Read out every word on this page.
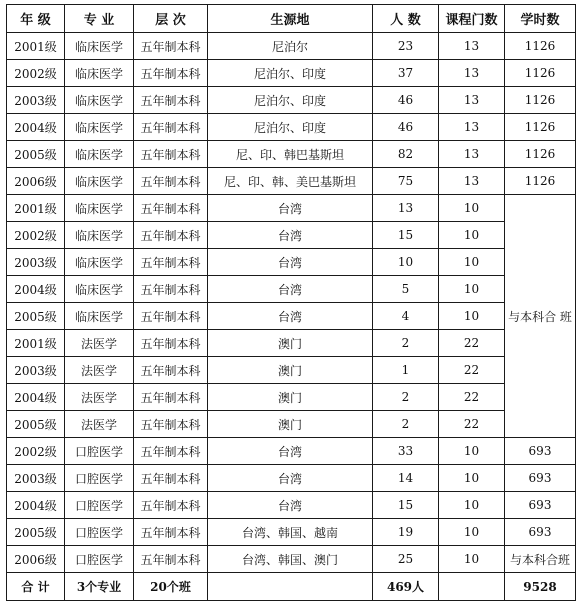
年 级	专 业	层 次	生源地	人 数	课程门数	学时数
2001级	临床医学	五年制本科	尼泊尔	23	13	1126
2002级	临床医学	五年制本科	尼泊尔、印度	37	13	1126
2003级	临床医学	五年制本科	尼泊尔、印度	46	13	1126
2004级	临床医学	五年制本科	尼泊尔、印度	46	13	1126
2005级	临床医学	五年制本科	尼、印、韩巴基斯坦	82	13	1126
2006级	临床医学	五年制本科	尼、印、韩、美巴基斯坦	75	13	1126
2001级	临床医学	五年制本科	台湾	13	10	与本科合 班
2002级	临床医学	五年制本科	台湾	15	10	
2003级	临床医学	五年制本科	台湾	10	10	
2004级	临床医学	五年制本科	台湾	5	10	
2005级	临床医学	五年制本科	台湾	4	10	
2001级	法医学	五年制本科	澳门	2	22	
2003级	法医学	五年制本科	澳门	1	22	
2004级	法医学	五年制本科	澳门	2	22	
2005级	法医学	五年制本科	澳门	2	22	
2002级	口腔医学	五年制本科	台湾	33	10	693
2003级	口腔医学	五年制本科	台湾	14	10	693
2004级	口腔医学	五年制本科	台湾	15	10	693
2005级	口腔医学	五年制本科	台湾、韩国、越南	19	10	693
2006级	口腔医学	五年制本科	台湾、韩国、澳门	25	10	与本科合班
合 计	3个专业	20个班		469人		9528
